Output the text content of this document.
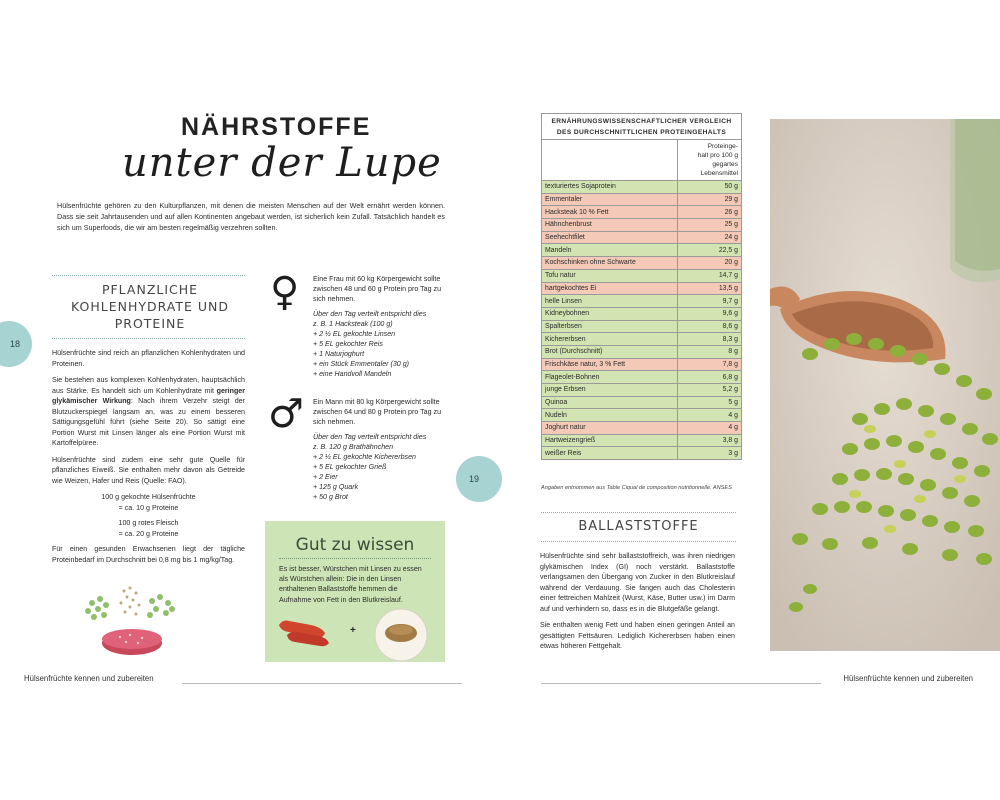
NÄHRSTOFFE
unter der Lupe
Hülsenfrüchte gehören zu den Kulturpflanzen, mit denen die meisten Menschen auf der Welt ernährt werden können. Dass sie seit Jahrtausenden und auf allen Kontinenten angebaut werden, ist sicherlich kein Zufall. Tatsächlich handelt es sich um Superfoods, die wir am besten regelmäßig verzehren sollten.
PFLANZLICHE
KOHLENHYDRATE UND
PROTEINE
18

Hülsenfrüchte sind reich an pflanzlichen Kohlenhydraten und Proteinen.

Sie bestehen aus komplexen Kohlenhydraten, hauptsächlich aus Stärke. Es handelt sich um Kohlenhydrate mit geringer glykämischer Wirkung: Nach ihrem Verzehr steigt der Blutzuckerspiegel langsam an, was zu einem besseren Sättigungsgefühl führt (siehe Seite 20). So sättigt eine Portion Wurst mit Linsen länger als eine Portion Wurst mit Kartoffelpüree.

Hülsenfrüchte sind zudem eine sehr gute Quelle für pflanzliches Eiweiß. Sie enthalten mehr davon als Getreide wie Weizen, Hafer und Reis (Quelle: FAO).

100 g gekochte Hülsenfrüchte
= ca. 10 g Proteine
100 g rotes Fleisch
= ca. 20 g Proteine

Für einen gesunden Erwachsenen liegt der tägliche Proteinbedarf im Durchschnitt bei 0,8 mg bis 1 mg/kg/Tag.

♀ Eine Frau mit 60 kg Körpergewicht sollte zwischen 48 und 60 g Protein pro Tag zu sich nehmen.
Über den Tag verteilt entspricht dies
z. B. 1 Hacksteak (100 g)
+ 2 ½ EL gekochte Linsen
+ 5 EL gekochter Reis
+ 1 Naturjoghurt
+ ein Stück Emmentaler (30 g)
+ eine Handvoll Mandeln
♂ Ein Mann mit 80 kg Körpergewicht sollte zwischen 64 und 80 g Protein pro Tag zu sich nehmen.
Über den Tag verteilt entspricht dies
z. B. 120 g Brathähnchen
+ 2 ½ EL gekochte Kichererbsen
+ 5 EL gekochter Grieß
+ 2 Eier
+ 125 g Quark
+ 50 g Brot
Gut zu wissen
Es ist besser, Würstchen mit Linsen zu essen als Würstchen allein: Die in den Linsen enthaltenen Ballaststoffe hemmen die Aufnahme von Fett in den Blutkreislauf.
+
Hülsenfrüchte kennen und zubereiten
ERNÄHRUNGSWISSENSCHAFTLICHER VERGLEICH
DES DURCHSCHNITTLICHEN PROTEINGEHALTS	

	Proteinge-
halt pro 100 g
gegartes
Lebensmittel

texturiertes Sojaprotein	50 g
Emmentaler	29 g
Hacksteak 10 % Fett	26 g
Hähnchenbrust	25 g
Seehechtfilet	24 g
Mandeln	22,5 g
Kochschinken ohne Schwarte	20 g
Tofu natur	14,7 g
hartgekochtes Ei	13,5 g
helle Linsen	9,7 g
Kidneybohnen	9,6 g
Spalterbsen	8,6 g
Kichererbsen	8,3 g
Brot (Durchschnitt)	8 g
Frischkäse natur, 3 % Fett	7,8 g
Flageolet-Bohnen	6,8 g
junge Erbsen	5,2 g
Quinoa	5 g
Nudeln	4 g
Joghurt natur	4 g
Hartweizengrieß	3,8 g
weißer Reis	3 g
Angaben entnommen aus Table Ciqual de composition nutritionnelle. ANSES
BALLASTSTOFFE

Hülsenfrüchte sind sehr ballaststoffreich, was ihren niedrigen glykämischen Index (GI) noch verstärkt. Ballaststoffe verlangsamen den Übergang von Zucker in den Blutkreislauf während der Verdauung. Sie fangen auch das Cholesterin einer fettreichen Mahlzeit (Wurst, Käse, Butter usw.) im Darm auf und verhindern so, dass es in die Blutgefäße gelangt.

Sie enthalten wenig Fett und haben einen geringen Anteil an gesättigten Fettsäuren. Lediglich Kichererbsen haben einen etwas höheren Fettgehalt.

19
Hülsenfrüchte kennen und zubereiten
